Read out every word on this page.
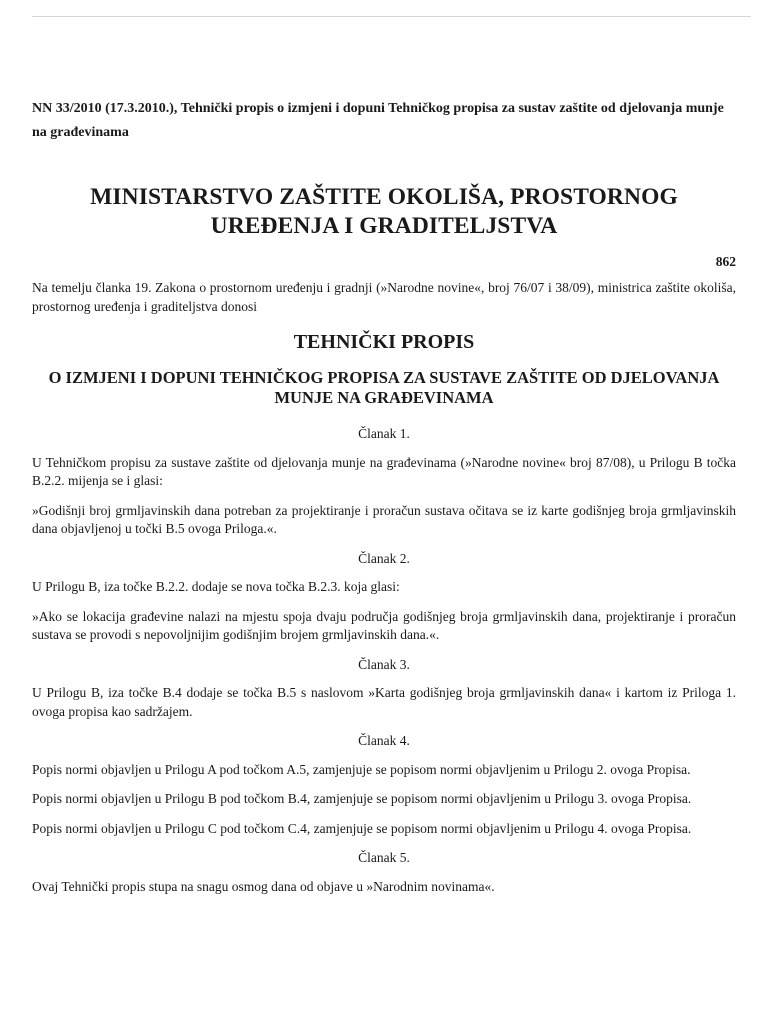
NN 33/2010 (17.3.2010.), Tehnički propis o izmjeni i dopuni Tehničkog propisa za sustav zaštite od djelovanja munje na građevinama

MINISTARSTVO ZAŠTITE OKOLIŠA, PROSTORNOG UREĐENJA I GRADITELJSTVA

862

Na temelju članka 19. Zakona o prostornom uređenju i gradnji (»Narodne novine«, broj 76/07 i 38/09), ministrica zaštite okoliša, prostornog uređenja i graditeljstva donosi

TEHNIČKI PROPIS
O IZMJENI I DOPUNI TEHNIČKOG PROPISA ZA SUSTAVE ZAŠTITE OD DJELOVANJA MUNJE NA GRAĐEVINAMA

Članak 1.

U Tehničkom propisu za sustave zaštite od djelovanja munje na građevinama (»Narodne novine« broj 87/08), u Prilogu B točka B.2.2. mijenja se i glasi:

»Godišnji broj grmljavinskih dana potreban za projektiranje i proračun sustava očitava se iz karte godišnjeg broja grmljavinskih dana objavljenoj u točki B.5 ovoga Priloga.«.

Članak 2.

U Prilogu B, iza točke B.2.2. dodaje se nova točka B.2.3. koja glasi:

»Ako se lokacija građevine nalazi na mjestu spoja dvaju područja godišnjeg broja grmljavinskih dana, projektiranje i proračun sustava se provodi s nepovoljnijim godišnjim brojem grmljavinskih dana.«.

Članak 3.

U Prilogu B, iza točke B.4 dodaje se točka B.5 s naslovom »Karta godišnjeg broja grmljavinskih dana« i kartom iz Priloga 1. ovoga propisa kao sadržajem.

Članak 4.

Popis normi objavljen u Prilogu A pod točkom A.5, zamjenjuje se popisom normi objavljenim u Prilogu 2. ovoga Propisa.

Popis normi objavljen u Prilogu B pod točkom B.4, zamjenjuje se popisom normi objavljenim u Prilogu 3. ovoga Propisa.

Popis normi objavljen u Prilogu C pod točkom C.4, zamjenjuje se popisom normi objavljenim u Prilogu 4. ovoga Propisa.

Članak 5.

Ovaj Tehnički propis stupa na snagu osmog dana od objave u »Narodnim novinama«.
